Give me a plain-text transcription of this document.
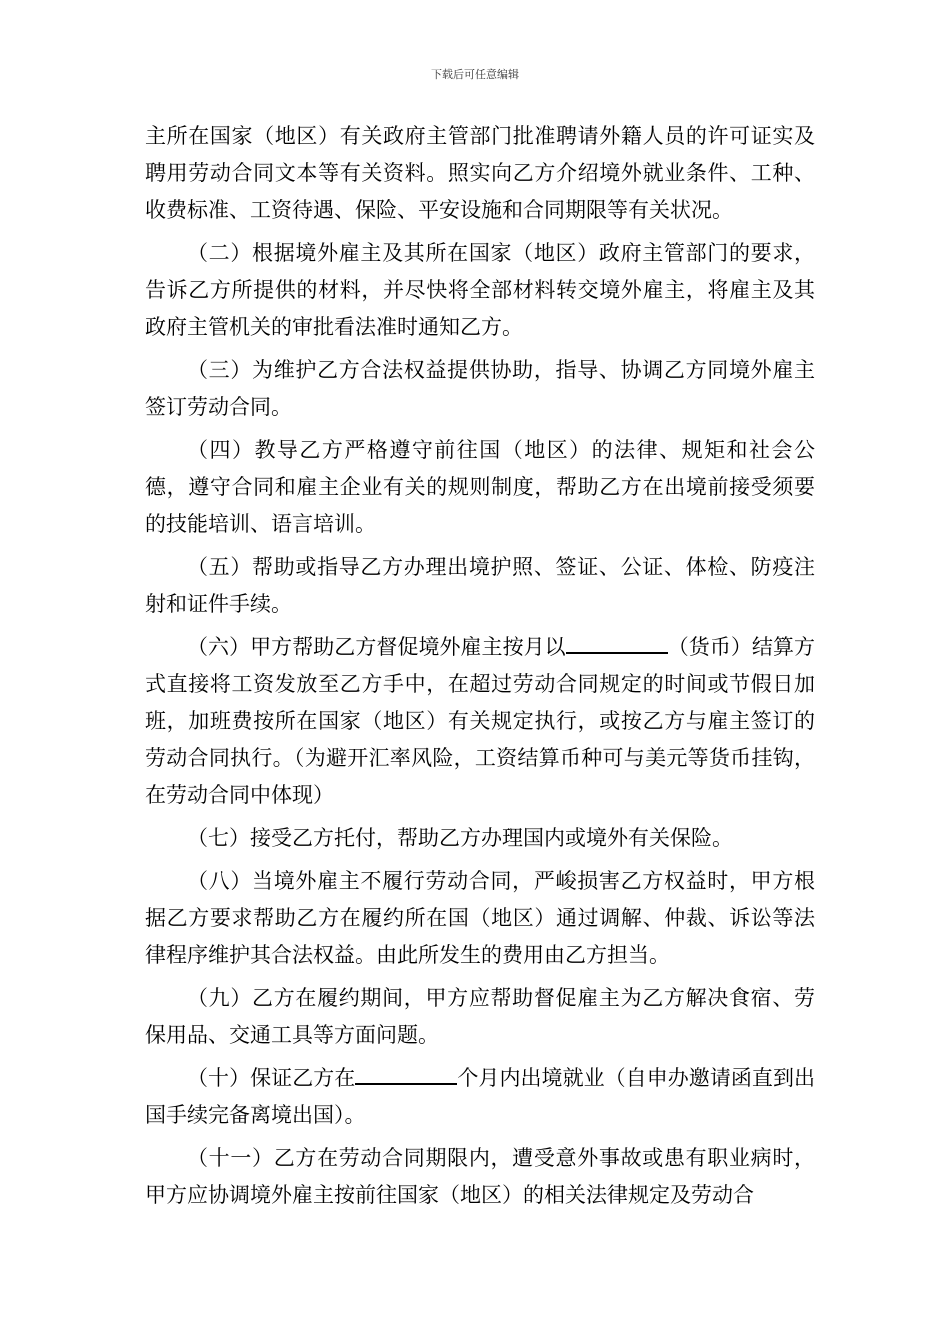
下载后可任意编辑

主所在国家（地区）有关政府主管部门批准聘请外籍人员的许可证实及聘用劳动合同文本等有关资料。照实向乙方介绍境外就业条件、工种、收费标准、工资待遇、保险、平安设施和合同期限等有关状况。

（二）根据境外雇主及其所在国家（地区）政府主管部门的要求，告诉乙方所提供的材料，并尽快将全部材料转交境外雇主，将雇主及其政府主管机关的审批看法准时通知乙方。

（三）为维护乙方合法权益提供协助，指导、协调乙方同境外雇主签订劳动合同。

（四）教导乙方严格遵守前往国（地区）的法律、规矩和社会公德，遵守合同和雇主企业有关的规则制度，帮助乙方在出境前接受须要的技能培训、语言培训。

（五）帮助或指导乙方办理出境护照、签证、公证、体检、防疫注射和证件手续。

（六）甲方帮助乙方督促境外雇主按月以	（货币）结算方式直接将工资发放至乙方手中，在超过劳动合同规定的时间或节假日加班，加班费按所在国家（地区）有关规定执行，或按乙方与雇主签订的劳动合同执行。（为避开汇率风险，工资结算币种可与美元等货币挂钩，在劳动合同中体现）

（七）接受乙方托付，帮助乙方办理国内或境外有关保险。

（八）当境外雇主不履行劳动合同，严峻损害乙方权益时，甲方根据乙方要求帮助乙方在履约所在国（地区）通过调解、仲裁、诉讼等法律程序维护其合法权益。由此所发生的费用由乙方担当。

（九）乙方在履约期间，甲方应帮助督促雇主为乙方解决食宿、劳保用品、交通工具等方面问题。

（十）保证乙方在	个月内出境就业（自申办邀请函直到出国手续完备离境出国）。

（十一）乙方在劳动合同期限内，遭受意外事故或患有职业病时，甲方应协调境外雇主按前往国家（地区）的相关法律规定及劳动合
